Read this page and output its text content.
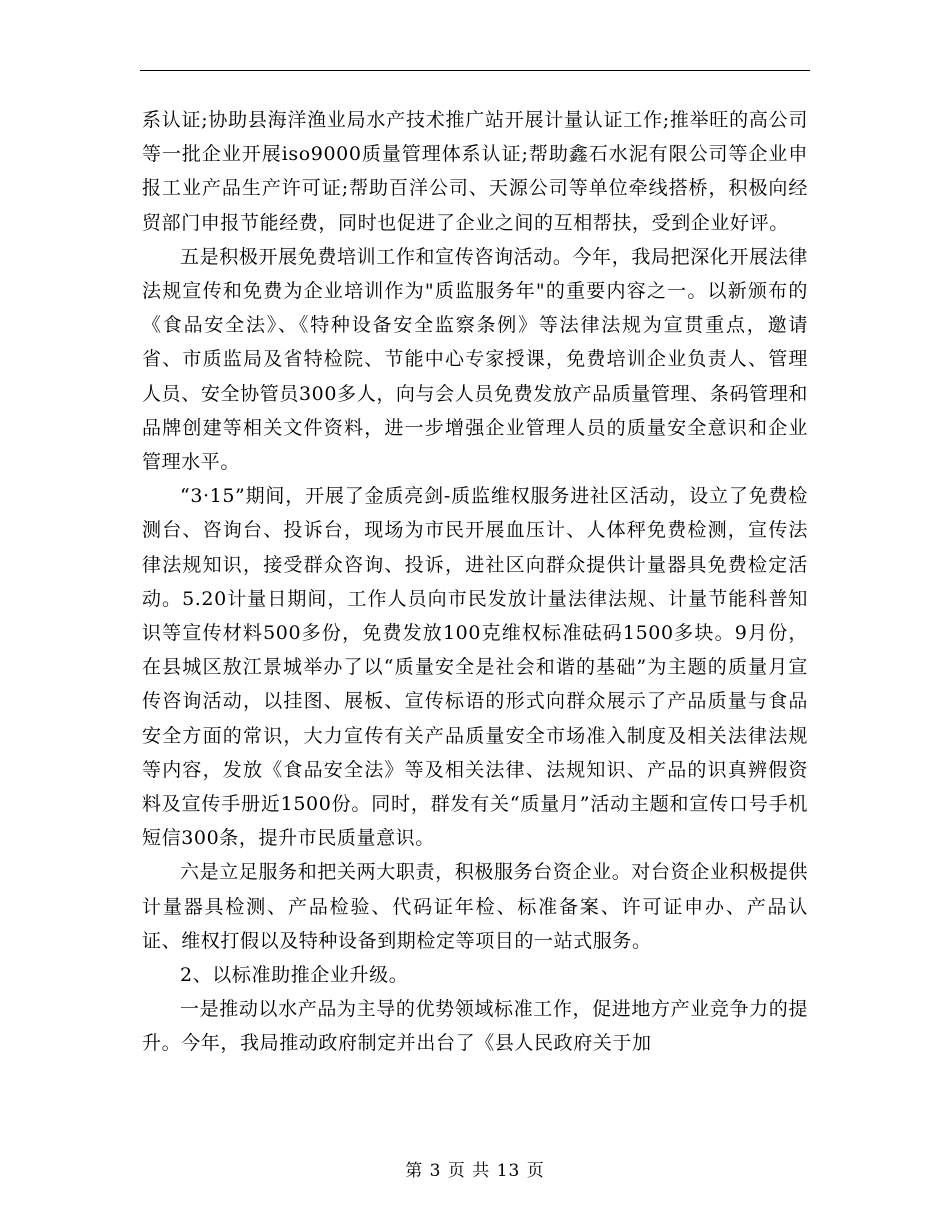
系认证;协助县海洋渔业局水产技术推广站开展计量认证工作;推举旺的高公司等一批企业开展iso9000质量管理体系认证;帮助鑫石水泥有限公司等企业申报工业产品生产许可证;帮助百洋公司、天源公司等单位牵线搭桥，积极向经贸部门申报节能经费，同时也促进了企业之间的互相帮扶，受到企业好评。

五是积极开展免费培训工作和宣传咨询活动。今年，我局把深化开展法律法规宣传和免费为企业培训作为"质监服务年"的重要内容之一。以新颁布的《食品安全法》、《特种设备安全监察条例》等法律法规为宣贯重点，邀请省、市质监局及省特检院、节能中心专家授课，免费培训企业负责人、管理人员、安全协管员300多人，向与会人员免费发放产品质量管理、条码管理和品牌创建等相关文件资料，进一步增强企业管理人员的质量安全意识和企业管理水平。

“3·15”期间，开展了金质亮剑-质监维权服务进社区活动，设立了免费检测台、咨询台、投诉台，现场为市民开展血压计、人体秤免费检测，宣传法律法规知识，接受群众咨询、投诉，进社区向群众提供计量器具免费检定活动。5.20计量日期间，工作人员向市民发放计量法律法规、计量节能科普知识等宣传材料500多份，免费发放100克维权标准砝码1500多块。9月份，在县城区敖江景城举办了以“质量安全是社会和谐的基础”为主题的质量月宣传咨询活动，以挂图、展板、宣传标语的形式向群众展示了产品质量与食品安全方面的常识，大力宣传有关产品质量安全市场准入制度及相关法律法规等内容，发放《食品安全法》等及相关法律、法规知识、产品的识真辨假资料及宣传手册近1500份。同时，群发有关“质量月”活动主题和宣传口号手机短信300条，提升市民质量意识。

六是立足服务和把关两大职责，积极服务台资企业。对台资企业积极提供计量器具检测、产品检验、代码证年检、标准备案、许可证申办、产品认证、维权打假以及特种设备到期检定等项目的一站式服务。

2、以标准助推企业升级。

一是推动以水产品为主导的优势领域标准工作，促进地方产业竞争力的提升。今年，我局推动政府制定并出台了《县人民政府关于加

第 3 页 共 13 页
